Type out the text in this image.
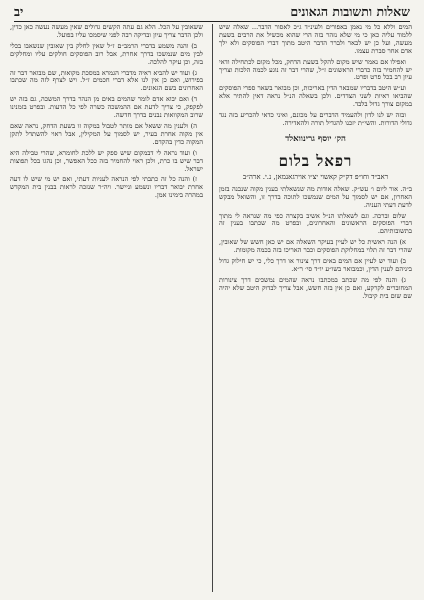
שאלות ותשובות הגאונים
יב

המים וללא כל מי נאמן באפורים ולעינ״ד ג״כ לאסור הדבר... שאלה שיש ללמוד עליה כאן כי מי שלא נזהר בזה הרי שהוא מכשיל את הרבים בשעת מעשה, ועל כן יש לבאר ולברר הדבר היטב מתוך דברי הפוסקים ולא ילך אדם אחר סברת עצמו.

ואפילו אם נאמר שיש מקום להקל בשעת הדחק, מכל מקום לכתחילה ודאי יש להחמיר בזה כדברי הראשונים ז״ל, שהרי דבר זה נוגע לכמה הלכות וצריך עיון רב בכל פרט ופרט.

וע״ש היטב בדבריו שמבאר הדין באריכות, וכן מבואר בשאר ספרי הפוסקים שהביאו ראיות לשני הצדדים. ולכן בשאלה הנ״ל נראה דאין להתיר אלא במקום צורך גדול בלבד.

ובזה יש לנו לדון ולהעמיד הדברים על מכונם, ואיני כדאי להכריע בזה נגד גדולי הדורות. והשי״ת יזכנו להגדיל תורה ולהאדירה.

הק׳ יוסף גרינוואלד
רפאל בלום
ראב״ד וחו״פ דק״ק קאשוי יצ״ו אוירגאנמאן, נ.י. ארה״ב

ב״ה. אור ליום ו׳ עש״ק. שאלה אודות מה שנשאלתי בענין מקוה שנבנה בזמן האחרון, אם יש לסמוך על המים שנמשכו לתוכה בדרך זו, והשואל מבקש לדעת דעתי העניה.

שלום וברכה. וגם לשאלתו הנ״ל אשיב בקצרה כפי מה שנראה לי מתוך דברי הפוסקים הראשונים והאחרונים, ובפרט מה שכתבו בענין זה בתשובותיהם.

א) הנה ראשית כל יש לעיין בעיקר השאלה אם יש כאן חשש של שאובין, שהרי דבר זה תלוי במחלוקת הפוסקים וכבר האריכו בזה בכמה מקומות.

ב) ועוד יש לעיין אם המים באים דרך צינור או דרך כלי, כי יש חילוק גדול ביניהם לענין הדין, וכמבואר בשו״ע יו״ד סי׳ ר״א.

ג) והנה לפי מה שכתב במכתבו נראה שהמים נמשכים דרך צינורות המחוברים לקרקע, ואם כן אין בזה חשש, אבל צריך לבדוק היטב שלא יהיה שם שום בית קיבול.

ששאובין על הכל. הלא גם עתה הקשים גדולים שאין מעשה נעשה כאן כדין, ולכן הדבר צריך עיון ובדיקה רבה לפני שיסמכו עליו בפועל.

ב) והנה משמע בדברי הרמב״ם ז״ל שאין לחלק בין שאובין שנשאבו בכלי לבין מים שנמשכו בדרך אחרת, אבל רוב הפוסקים חולקים עליו ומחלקים בזה, וכן עיקר להלכה.

ג) ועוד יש להביא ראיה מדברי הגמרא במסכת מקואות, שם מבואר דבר זה בפירוש, ואם כן אין לנו אלא דברי חכמים ז״ל. ויש לצרף לזה מה שכתבו האחרונים בשם הגאונים.

ד) ואם יבוא אדם לומר שהמים באים מן הנהר בדרך המשכה, גם בזה יש לפקפק, כי צריך לדעת אם ההמשכה כשרה לפי כל הדעות. ובפרט בזמנינו שרוב המקוואות נבנים בדרך חדשה.

ה) ולענין מה ששאל אם מותר לטבול במקוה זו בשעת הדחק, נראה שאם אין מקוה אחרת בעיר, יש לסמוך על המקילין, אבל ראוי להשתדל לתקן המקוה כדין בהקדם.

ו) ועוד נראה לי דבמקום שיש ספק יש ללכת לחומרא, שהרי טבילה היא דבר שיש בו כרת, ולכן ראוי להחמיר בזה ככל האפשר, וכן נהגו בכל תפוצות ישראל.

ז) והנה כל זה כתבתי לפי הנראה לעניות דעתי, ואם יש מי שיש לו דעה אחרת יבואר דבריו ונשמע וניישר. ויה״ר שנזכה לראות בבנין בית המקדש במהרה בימינו אמן.
